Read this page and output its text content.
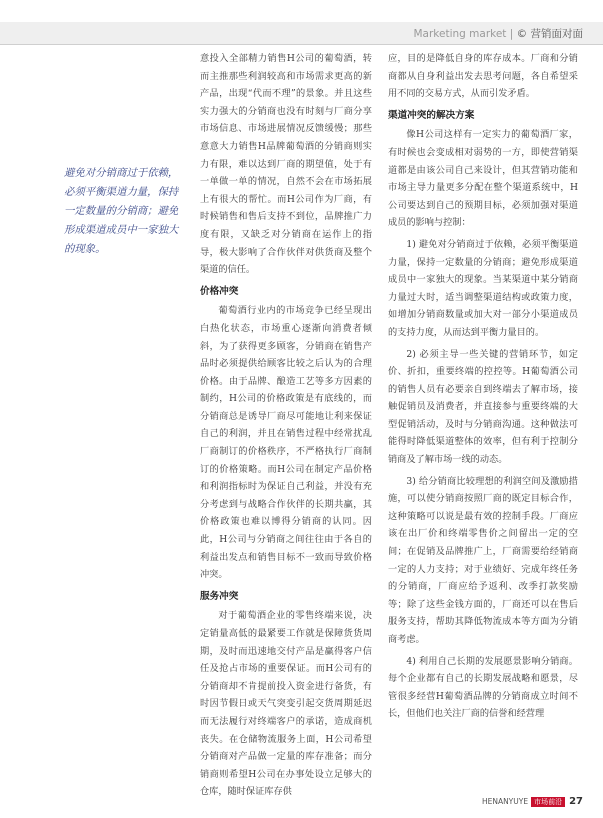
Marketing market | © 营销面对面
避免对分销商过于依赖，必须平衡渠道力量，保持一定数量的分销商；避免形成渠道成员中一家独大的现象。

意投入全部精力销售H公司的葡萄酒，转而主推那些利润较高和市场需求更高的新产品，出现“代而不理”的景象。并且这些实力强大的分销商也没有时刻与厂商分享市场信息、市场进展情况反馈缓慢；那些意意大力销售H品牌葡萄酒的分销商则实力有限，难以达到厂商的期望值，处于有一单做一单的情况，自然不会在市场拓展上有很大的帮忙。而H公司作为厂商，有时候销售和售后支持不到位，品牌推广力度有限，又缺乏对分销商在运作上的指导，极大影响了合作伙伴对供货商及整个渠道的信任。

价格冲突

葡萄酒行业内的市场竞争已经呈现出白热化状态，市场重心逐渐向消费者倾斜，为了获得更多顾客，分销商在销售产品时必须提供给顾客比较之后认为的合理价格。由于品牌、酿造工艺等多方因素的制约，H公司的价格政策是有底线的，而分销商总是诱导厂商尽可能地让利来保证自己的利润，并且在销售过程中经常扰乱厂商制订的价格秩序，不严格执行厂商制订的价格策略。而H公司在制定产品价格和利润指标时为保证自己利益，并没有充分考虑到与战略合作伙伴的长期共赢，其价格政策也难以博得分销商的认同。因此，H公司与分销商之间往往由于各自的利益出发点和销售目标不一致而导致价格冲突。

服务冲突

对于葡萄酒企业的零售终端来说，决定销量高低的最紧要工作就是保障货货周期，及时而迅速地交付产品是赢得客户信任及抢占市场的重要保证。而H公司有的分销商却不肯提前投入资金进行备货，有时因节假日或天气突变引起交货周期延迟而无法履行对终端客户的承诺，造成商机丧失。在仓储物流服务上面，H公司希望分销商对产品做一定量的库存准备；而分销商则希望H公司在办事处设立足够大的仓库，随时保证库存供

应，目的是降低自身的库存成本。厂商和分销商都从自身利益出发去思考问题，各自希望采用不同的交易方式，从而引发矛盾。

渠道冲突的解决方案

像H公司这样有一定实力的葡萄酒厂家，有时候也会变成相对弱势的一方，即使营销渠道都是由该公司自己来设计，但其营销功能和市场主导力量更多分配在整个渠道系统中，H公司要达到自己的预期目标，必须加强对渠道成员的影响与控制：

1) 避免对分销商过于依赖，必须平衡渠道力量，保持一定数量的分销商；避免形成渠道成员中一家独大的现象。当某渠道中某分销商力量过大时，适当调整渠道结构或政策力度，如增加分销商数量或加大对一部分小渠道成员的支持力度，从而达到平衡力量目的。

2) 必须主导一些关键的营销环节，如定价、折扣，重要终端的控控等。H葡萄酒公司的销售人员有必要亲自到终端去了解市场，接触促销员及消费者，并直接参与重要终端的大型促销活动，及时与分销商沟通。这种做法可能得时降低渠道整体的效率，但有利于控制分销商及了解市场一线的动态。

3) 给分销商比较理想的利润空间及激励措施，可以使分销商按照厂商的既定目标合作，这种策略可以说是最有效的控制手段。厂商应该在出厂价和终端零售价之间留出一定的空间；在促销及品牌推广上，厂商需要给经销商一定的人力支持；对于业绩好、完成年终任务的分销商，厂商应给予返利、改季打款奖励等；除了这些金钱方面的，厂商还可以在售后服务支持，帮助其降低物流成本等方面为分销商考虑。

4) 利用自己长期的发展愿景影响分销商。每个企业都有自己的长期发展战略和愿景，尽管很多经营H葡萄酒品牌的分销商成立时间不长，但他们也关注厂商的信誉和经营理

HENANYUYE 市场前沿 27
